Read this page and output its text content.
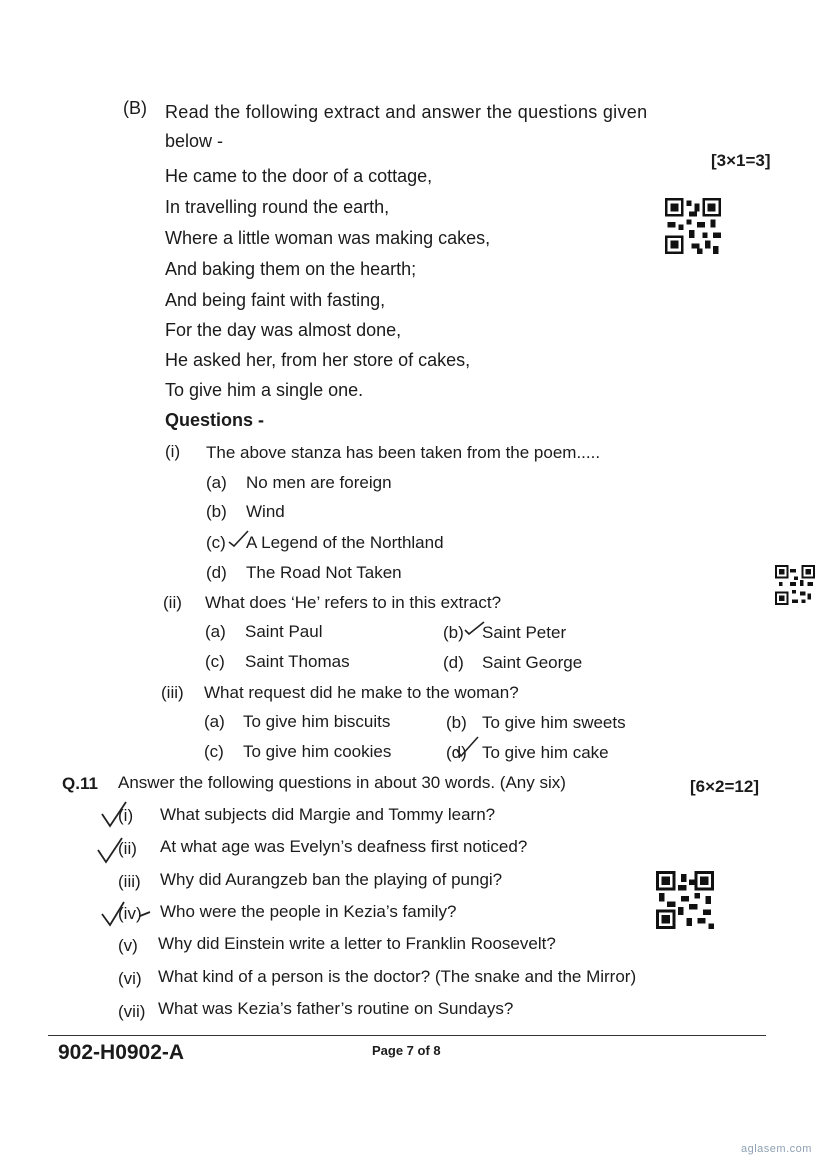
(B) Read the following extract and answer the questions given
below -
[3×1=3]
He came to the door of a cottage,
In travelling round the earth,
Where a little woman was making cakes,
And baking them on the hearth;
And being faint with fasting,
For the day was almost done,
He asked her, from her store of cakes,
To give him a single one.
Questions -
(i) The above stanza has been taken from the poem.....
(a) No men are foreign
(b) Wind
(c) A Legend of the Northland
(d) The Road Not Taken
(ii) What does ‘He’ refers to in this extract?
(a) Saint Paul	(b) Saint Peter
(c) Saint Thomas	(d) Saint George
(iii) What request did he make to the woman?
(a) To give him biscuits	(b) To give him sweets
(c) To give him cookies	(d) To give him cake
Q.11 Answer the following questions in about 30 words. (Any six)	[6×2=12]
(i) What subjects did Margie and Tommy learn?
(ii) At what age was Evelyn’s deafness first noticed?
(iii) Why did Aurangzeb ban the playing of pungi?
(iv) Who were the people in Kezia’s family?
(v) Why did Einstein write a letter to Franklin Roosevelt?
(vi) What kind of a person is the doctor? (The snake and the Mirror)
(vii) What was Kezia’s father’s routine on Sundays?
902-H0902-A	Page 7 of 8
aglasem.com
